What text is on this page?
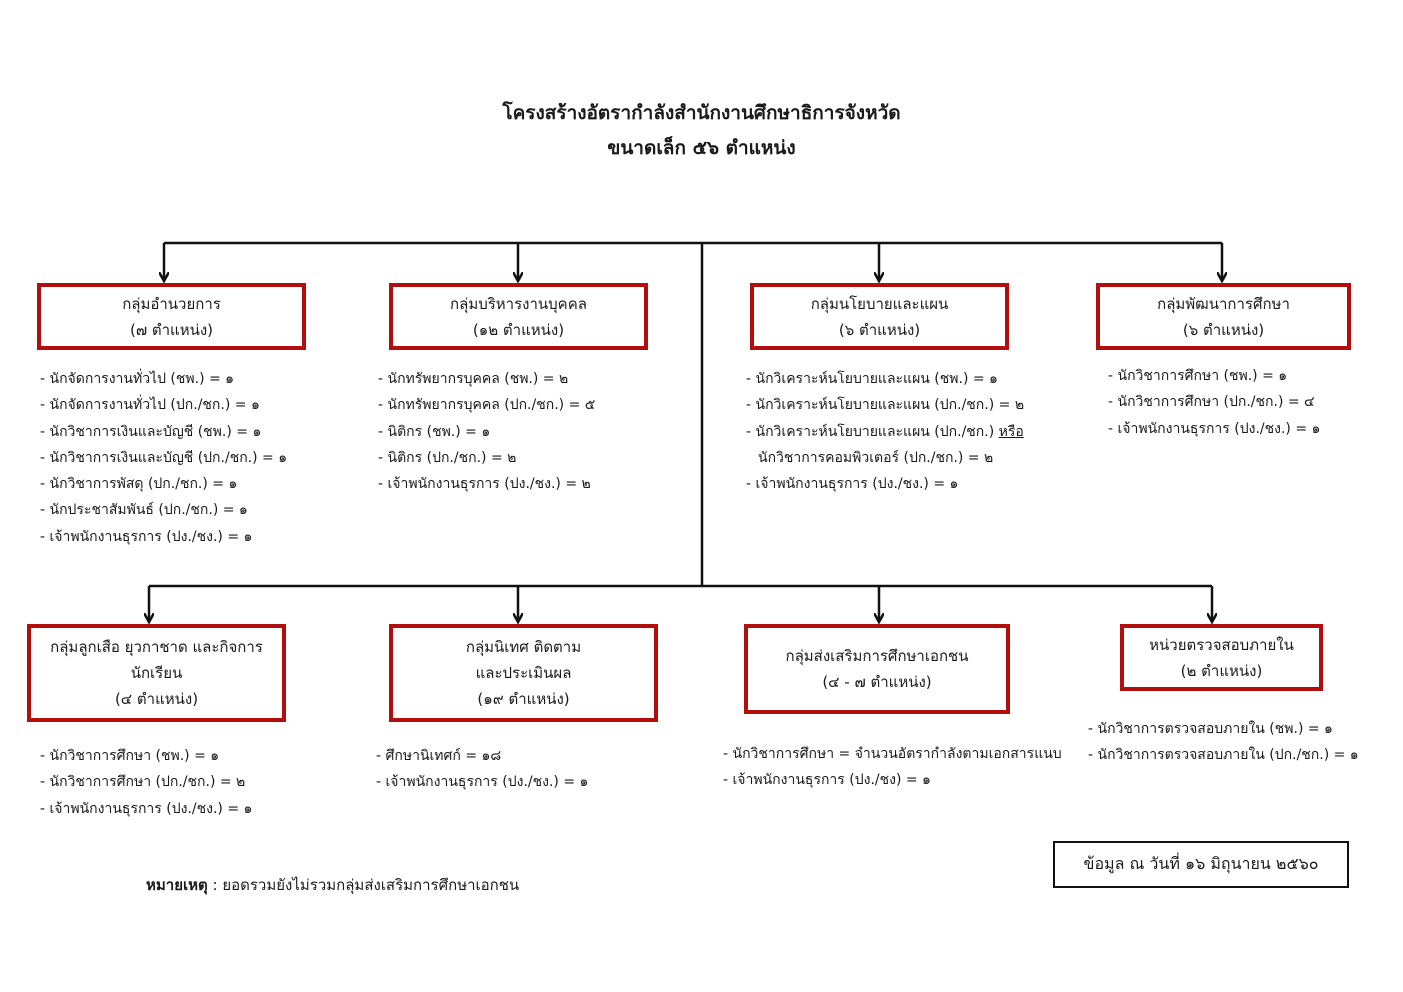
โครงสร้างอัตรากำลังสำนักงานศึกษาธิการจังหวัด
ขนาดเล็ก ๕๖ ตำแหน่ง
กลุ่มอำนวยการ
(๗ ตำแหน่ง)
กลุ่มบริหารงานบุคคล
(๑๒ ตำแหน่ง)
กลุ่มนโยบายและแผน
(๖ ตำแหน่ง)
กลุ่มพัฒนาการศึกษา
(๖ ตำแหน่ง)
- นักจัดการงานทั่วไป (ชพ.) = ๑
- นักจัดการงานทั่วไป (ปก./ชก.) = ๑
- นักวิชาการเงินและบัญชี (ชพ.) = ๑
- นักวิชาการเงินและบัญชี (ปก./ชก.) = ๑
- นักวิชาการพัสดุ (ปก./ชก.) = ๑
- นักประชาสัมพันธ์ (ปก./ชก.) = ๑
- เจ้าพนักงานธุรการ (ปง./ชง.) = ๑
- นักทรัพยากรบุคคล (ชพ.) = ๒
- นักทรัพยากรบุคคล (ปก./ชก.) = ๕
- นิติกร (ชพ.) = ๑
- นิติกร (ปก./ชก.) = ๒
- เจ้าพนักงานธุรการ (ปง./ชง.) = ๒
- นักวิเคราะห์นโยบายและแผน (ชพ.) = ๑
- นักวิเคราะห์นโยบายและแผน (ปก./ชก.) = ๒
- นักวิเคราะห์นโยบายและแผน (ปก./ชก.) หรือ
นักวิชาการคอมพิวเตอร์ (ปก./ชก.) = ๒
- เจ้าพนักงานธุรการ (ปง./ชง.) = ๑
- นักวิชาการศึกษา (ชพ.) = ๑
- นักวิชาการศึกษา (ปก./ชก.) = ๔
- เจ้าพนักงานธุรการ (ปง./ชง.) = ๑
กลุ่มลูกเสือ ยุวกาชาด และกิจการ
นักเรียน
(๔ ตำแหน่ง)
กลุ่มนิเทศ ติดตาม
และประเมินผล
(๑๙ ตำแหน่ง)
กลุ่มส่งเสริมการศึกษาเอกชน
(๔ - ๗ ตำแหน่ง)
หน่วยตรวจสอบภายใน
(๒ ตำแหน่ง)
- นักวิชาการศึกษา (ชพ.) = ๑
- นักวิชาการศึกษา (ปก./ชก.) = ๒
- เจ้าพนักงานธุรการ (ปง./ชง.) = ๑
- ศึกษานิเทศก์ = ๑๘
- เจ้าพนักงานธุรการ (ปง./ชง.) = ๑
- นักวิชาการศึกษา = จำนวนอัตรากำลังตามเอกสารแนบ
- เจ้าพนักงานธุรการ (ปง./ชง) = ๑
- นักวิชาการตรวจสอบภายใน (ชพ.) = ๑
- นักวิชาการตรวจสอบภายใน (ปก./ชก.) = ๑
หมายเหตุ : ยอดรวมยังไม่รวมกลุ่มส่งเสริมการศึกษาเอกชน
ข้อมูล ณ วันที่ ๑๖ มิถุนายน ๒๕๖๐
